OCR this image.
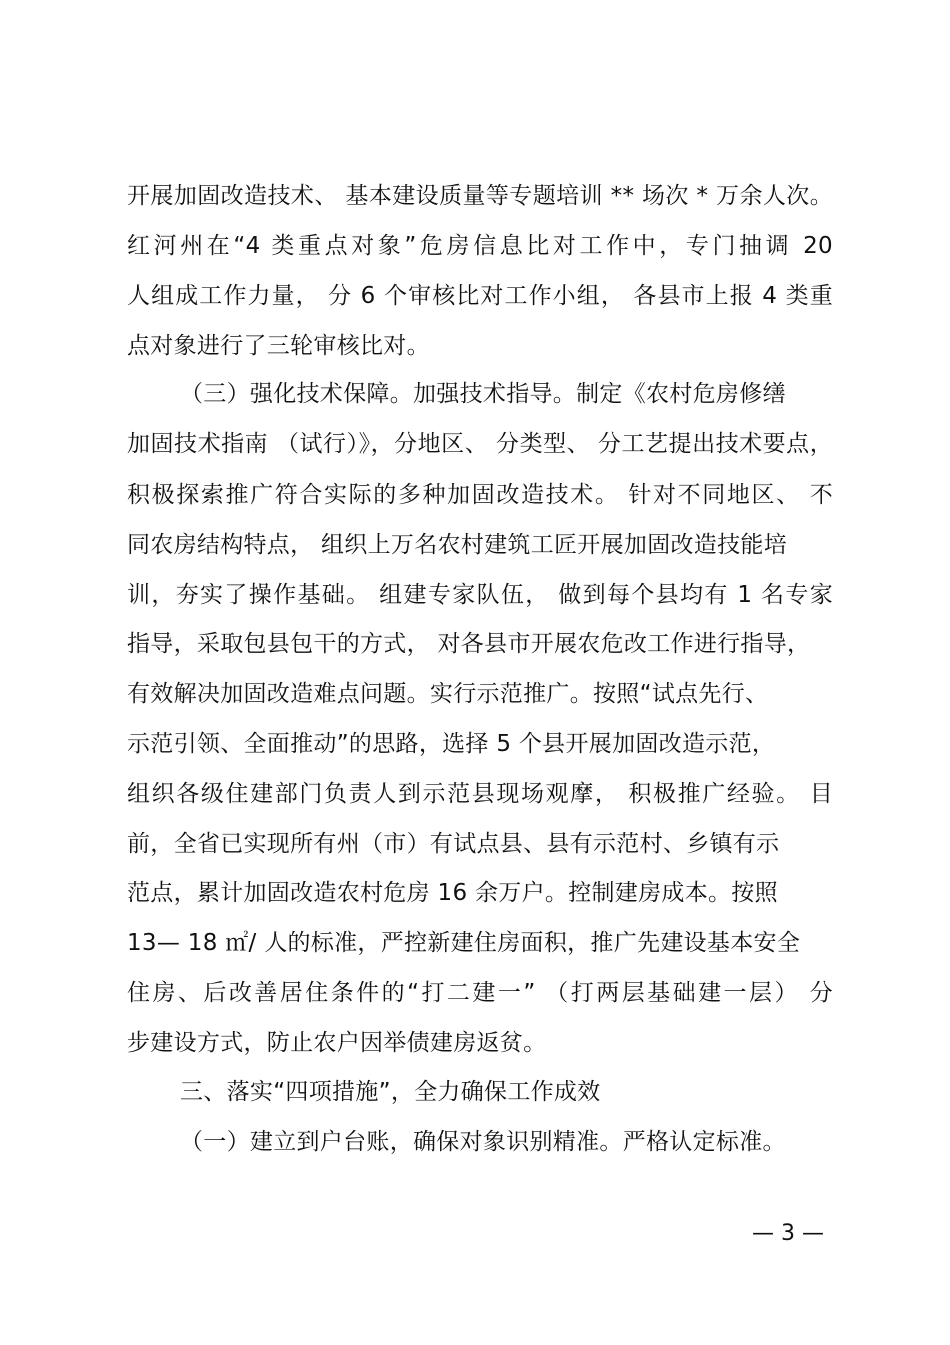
开展加固改造技术、 基本建设质量等专题培训 ** 场次 * 万余人次。
红河州在“4 类重点对象”危房信息比对工作中，专门抽调 20
人组成工作力量， 分 6 个审核比对工作小组， 各县市上报 4 类重
点对象进行了三轮审核比对。
（三）强化技术保障。加强技术指导。制定《农村危房修缮
加固技术指南 （试行）》，分地区、 分类型、 分工艺提出技术要点，
积极探索推广符合实际的多种加固改造技术。 针对不同地区、 不
同农房结构特点， 组织上万名农村建筑工匠开展加固改造技能培
训，夯实了操作基础。 组建专家队伍， 做到每个县均有 1 名专家
指导，采取包县包干的方式， 对各县市开展农危改工作进行指导，
有效解决加固改造难点问题。实行示范推广。按照“试点先行、
示范引领、全面推动”的思路，选择 5 个县开展加固改造示范，
组织各级住建部门负责人到示范县现场观摩， 积极推广经验。 目
前，全省已实现所有州（市）有试点县、县有示范村、乡镇有示
范点，累计加固改造农村危房 16 余万户。控制建房成本。按照
13— 18 ㎡/ 人的标准，严控新建住房面积，推广先建设基本安全
住房、后改善居住条件的“打二建一” （打两层基础建一层） 分
步建设方式，防止农户因举债建房返贫。
三、落实“四项措施”，全力确保工作成效
（一）建立到户台账，确保对象识别精准。严格认定标准。
— 3 —
